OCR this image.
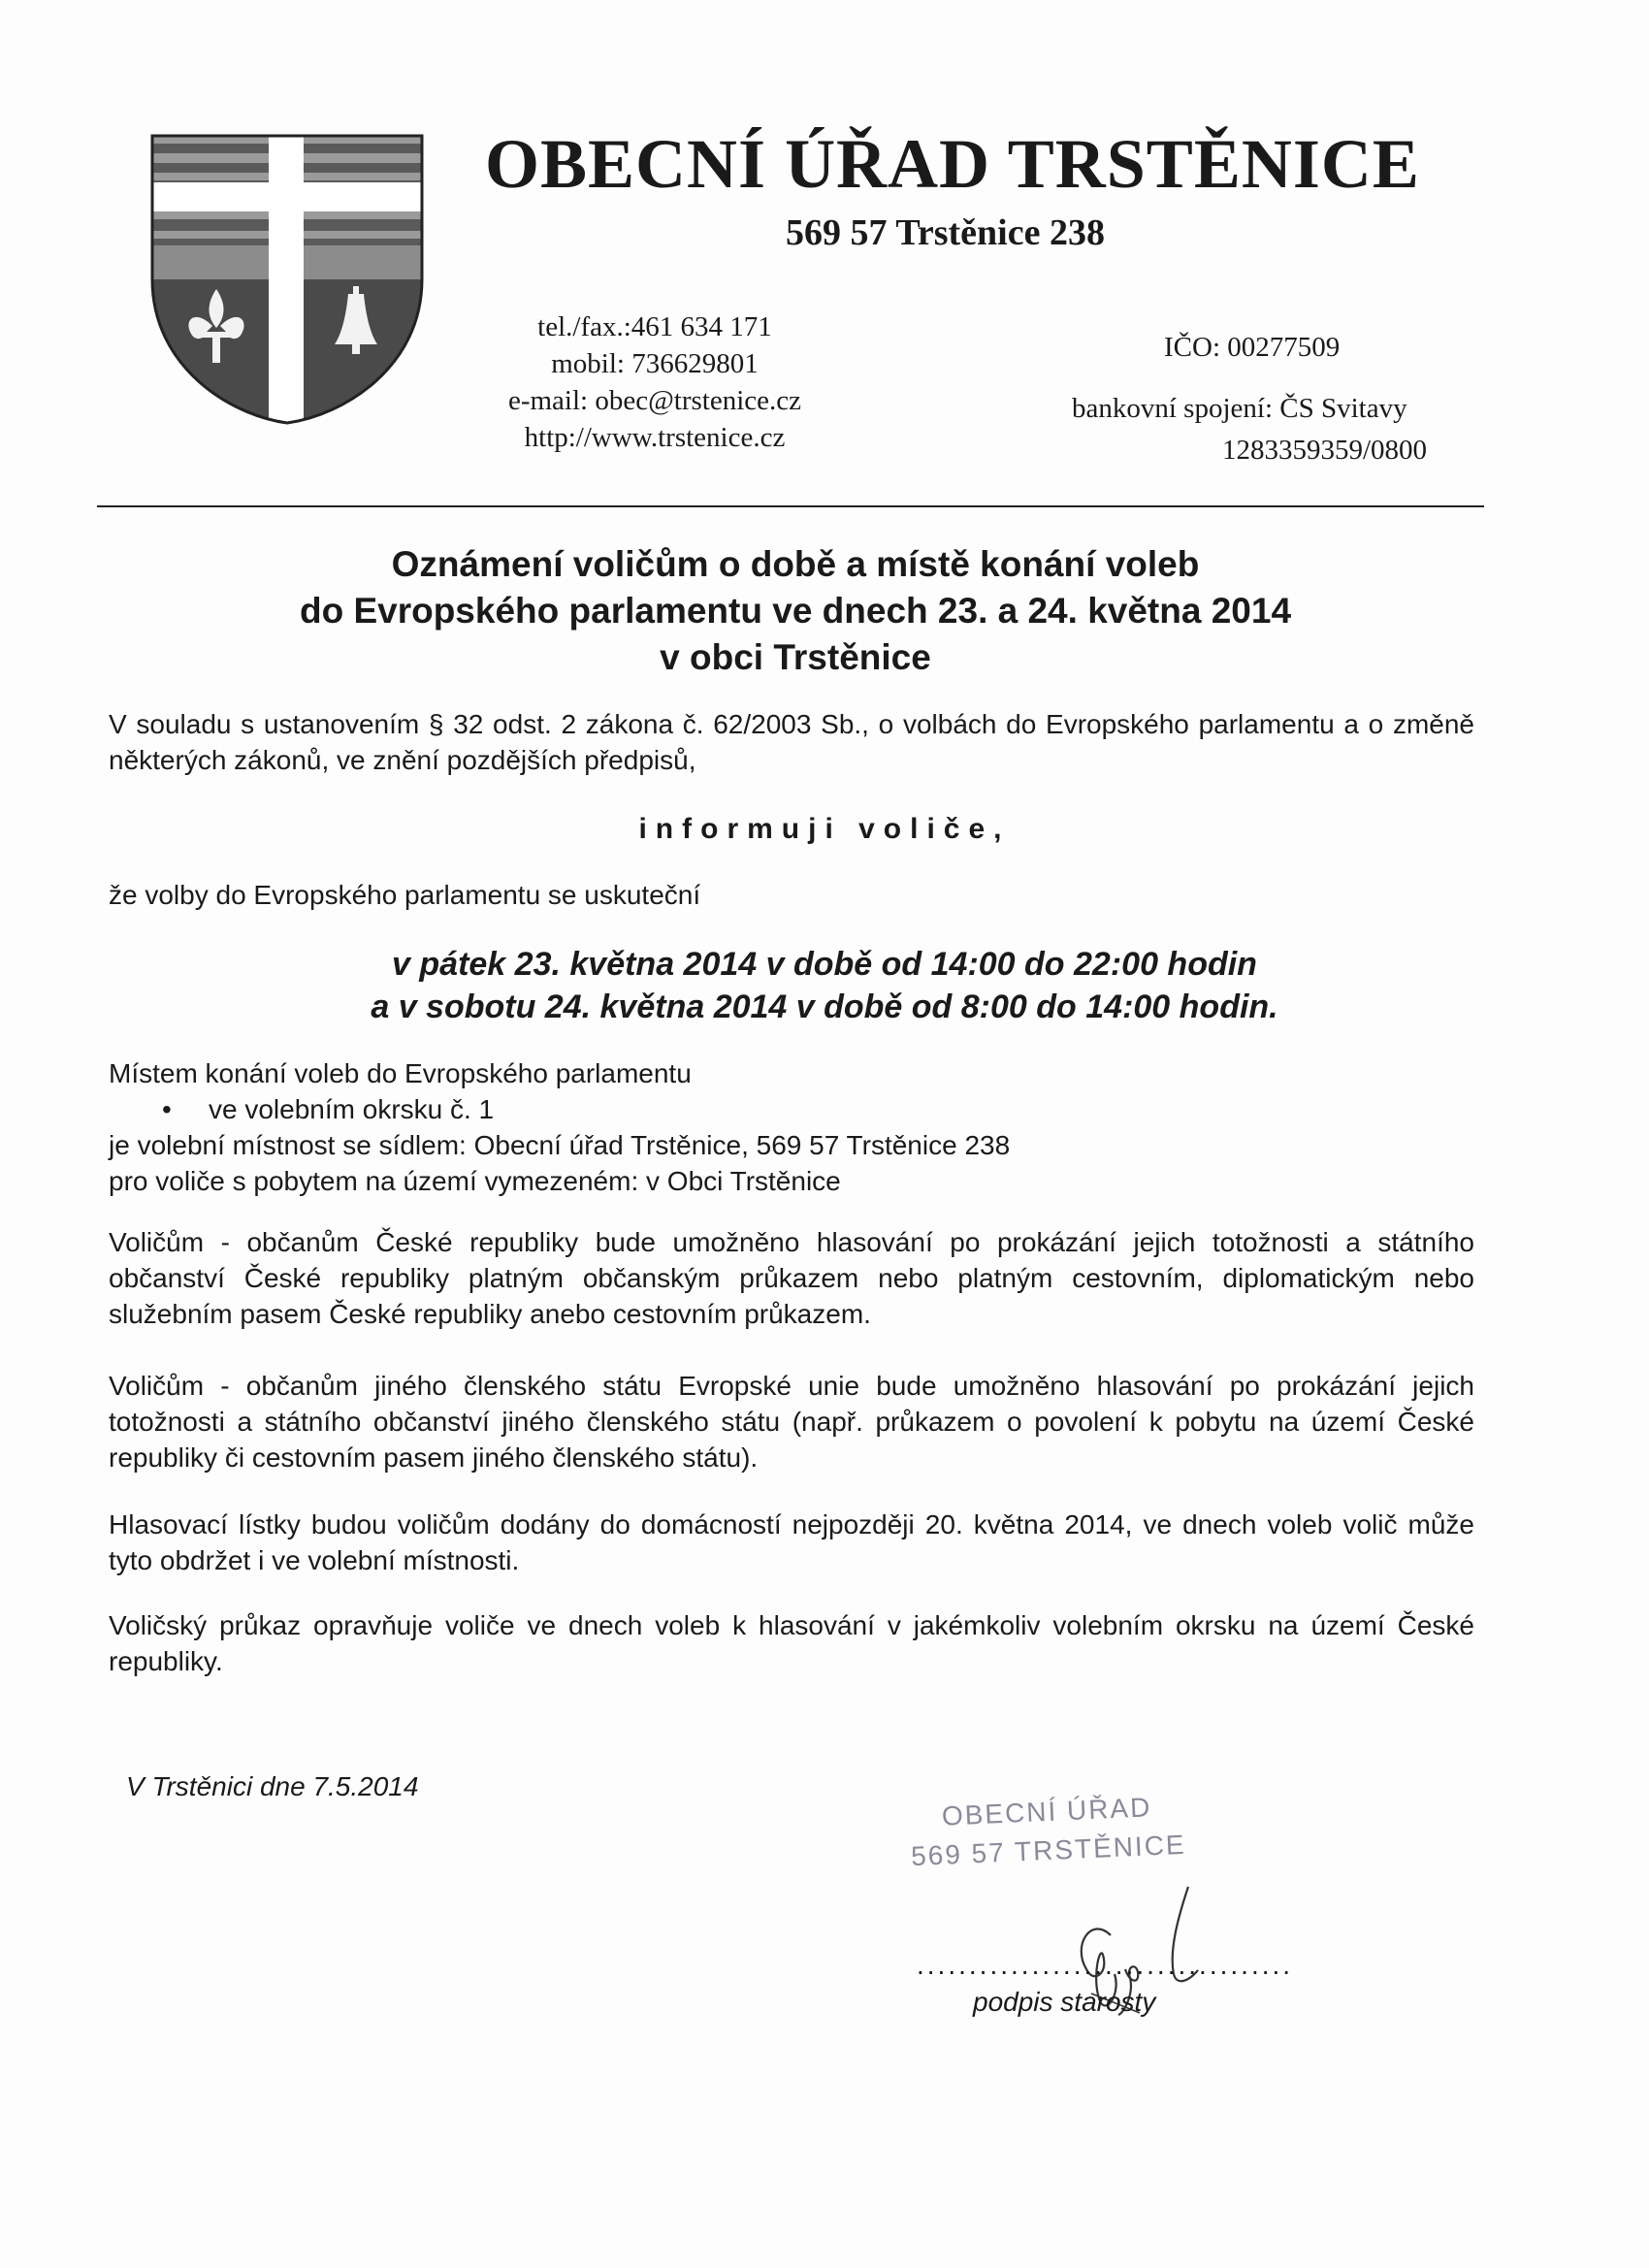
OBECNÍ ÚŘAD TRSTĚNICE
569 57 Trstěnice 238
tel./fax.:461 634 171
mobil: 736629801
e-mail: obec@trstenice.cz
http://www.trstenice.cz
IČO: 00277509
bankovní spojení: ČS Svitavy
1283359359/0800
Oznámení voličům o době a místě konání voleb
do Evropského parlamentu ve dnech 23. a 24. května 2014
v obci Trstěnice
V souladu s ustanovením § 32 odst. 2 zákona č. 62/2003 Sb., o volbách do Evropského parlamentu a o změně některých zákonů, ve znění pozdějších předpisů,
informuji voliče,
že volby do Evropského parlamentu se uskuteční
v pátek 23. května 2014 v době od 14:00 do 22:00 hodin
a v sobotu 24. května 2014 v době od 8:00 do 14:00 hodin.
Místem konání voleb do Evropského parlamentu
• ve volebním okrsku č. 1
je volební místnost se sídlem: Obecní úřad Trstěnice, 569 57 Trstěnice 238
pro voliče s pobytem na území vymezeném: v Obci Trstěnice
Voličům - občanům České republiky bude umožněno hlasování po prokázání jejich totožnosti a státního občanství České republiky platným občanským průkazem nebo platným cestovním, diplomatickým nebo služebním pasem České republiky anebo cestovním průkazem.
Voličům - občanům jiného členského státu Evropské unie bude umožněno hlasování po prokázání jejich totožnosti a státního občanství jiného členského státu (např. průkazem o povolení k pobytu na území České republiky či cestovním pasem jiného členského státu).
Hlasovací lístky budou voličům dodány do domácností nejpozději 20. května 2014, ve dnech voleb volič může tyto obdržet i ve volební místnosti.
Voličský průkaz opravňuje voliče ve dnech voleb k hlasování v jakémkoliv volebním okrsku na území České republiky.
V Trstěnici dne 7.5.2014
OBECNÍ ÚŘAD
569 57 TRSTĚNICE
....................................
podpis starosty
